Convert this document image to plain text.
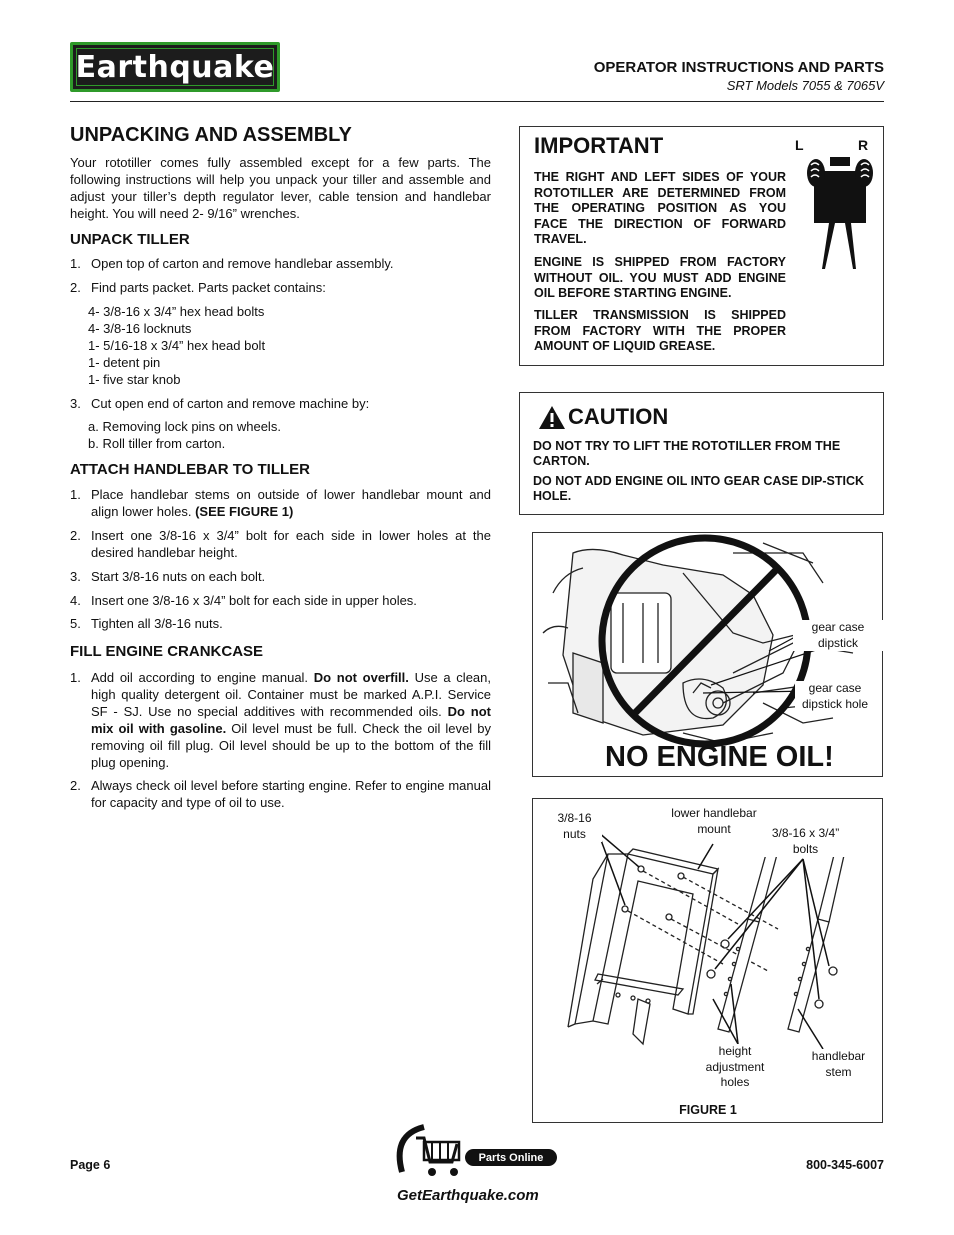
Earthquake	OPERATOR INSTRUCTIONS AND PARTS
SRT Models 7055 & 7065V
UNPACKING AND ASSEMBLY
Your rototiller comes fully assembled except for a few parts. The following instructions will help you unpack your tiller and assemble and adjust your tiller’s depth regulator lever, cable tension and handlebar height. You will need 2- 9/16” wrenches.
UNPACK TILLER
1. Open top of carton and remove handlebar assembly.
2. Find parts packet. Parts packet contains:
4- 3/8-16 x 3/4” hex head bolts
4- 3/8-16 locknuts
1- 5/16-18 x 3/4” hex head bolt
1- detent pin
1- five star knob
3. Cut open end of carton and remove machine by:
a. Removing lock pins on wheels.
b. Roll tiller from carton.
ATTACH HANDLEBAR TO TILLER
1. Place handlebar stems on outside of lower handlebar mount and align lower holes. (SEE FIGURE 1)
2. Insert one 3/8-16 x 3/4” bolt for each side in lower holes at the desired handlebar height.
3. Start 3/8-16 nuts on each bolt.
4. Insert one 3/8-16 x 3/4” bolt for each side in upper holes.
5. Tighten all 3/8-16 nuts.
FILL ENGINE CRANKCASE
1. Add oil according to engine manual. Do not overfill. Use a clean, high quality detergent oil. Container must be marked A.P.I. Service SF - SJ. Use no special additives with recommended oils. Do not mix oil with gasoline. Oil level must be full. Check the oil level by removing oil fill plug. Oil level should be up to the bottom of the fill plug opening.
2. Always check oil level before starting engine. Refer to engine manual for capacity and type of oil to use.
IMPORTANT
THE RIGHT AND LEFT SIDES OF YOUR ROTOTILLER ARE DETERMINED FROM THE OPERATING POSITION AS YOU FACE THE DIRECTION OF FORWARD TRAVEL.
ENGINE IS SHIPPED FROM FACTORY WITHOUT OIL. YOU MUST ADD ENGINE OIL BEFORE STARTING ENGINE.
TILLER TRANSMISSION IS SHIPPED FROM FACTORY WITH THE PROPER AMOUNT OF LIQUID GREASE.
L	R
CAUTION
DO NOT TRY TO LIFT THE ROTOTILLER FROM THE CARTON.
DO NOT ADD ENGINE OIL INTO GEAR CASE DIP-STICK HOLE.
gear case dipstick
gear case dipstick hole
NO ENGINE OIL!
3/8-16 nuts
lower handlebar mount	3/8-16 x 3/4” bolts
height adjustment holes
handlebar stem
FIGURE 1
Page 6	800-345-6007
Parts Online
GetEarthquake.com
